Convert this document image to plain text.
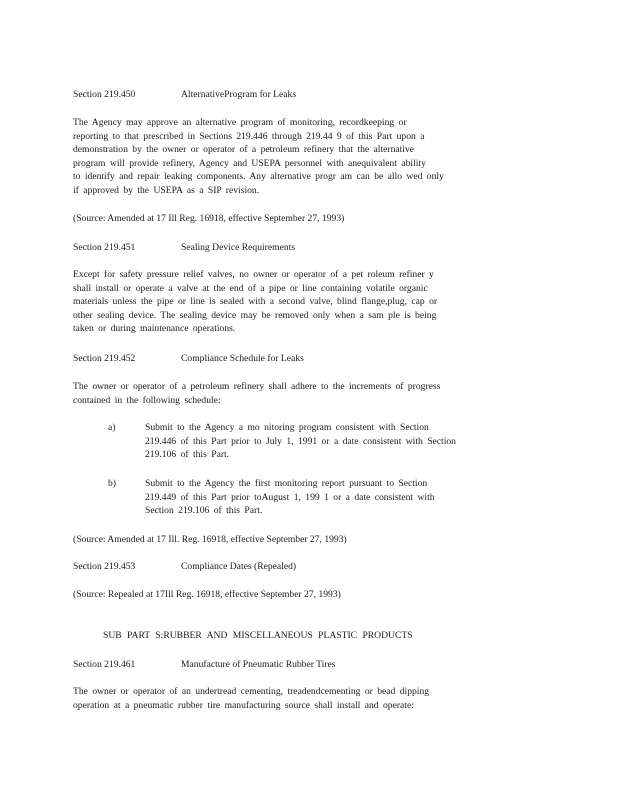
Section 219.450	AlternativeProgram for Leaks

The Agency may approve an alternative program of monitoring, recordkeeping or
reporting to that prescribed in Sections 219.446 through 219.44 9 of this Part upon a
demonstration by the owner or operator of a petroleum refinery that the alternative
program will provide refinery, Agency and USEPA personnel with anequivalent ability
to identify and repair leaking components. Any alternative progr am can be allo wed only
if approved by the USEPA as a SIP revision.

(Source: Amended at 17 Ill Reg. 16918, effective September 27, 1993)

Section 219.451	Sealing Device Requirements

Except for safety pressure relief valves, no owner or operator of a pet roleum refiner y
shall install or operate a valve at the end of a pipe or line containing volatile organic
materials unless the pipe or line is sealed with a second valve, blind flange,plug, cap or
other sealing device. The sealing device may be removed only when a sam ple is being
taken or during maintenance operations.

Section 219.452	Compliance Schedule for Leaks

The owner or operator of a petroleum refinery shall adhere to the increments of progress
contained in the following schedule:

a)	Submit to the Agency a mo nitoring program consistent with Section
219.446 of this Part prior to July 1, 1991 or a date consistent with Section
219.106 of this Part.
b)	Submit to the Agency the first monitoring report pursuant to Section
219.449 of this Part prior toAugust 1, 199 1 or a date consistent with
Section 219.106 of this Part.

(Source: Amended at 17 Ill. Reg. 16918, effective September 27, 1993)

Section 219.453	Compliance Dates (Repealed)

(Source: Repealed at 17Ill Reg. 16918, effective September 27, 1993)

SUB PART S:RUBBER AND MISCELLANEOUS PLASTIC PRODUCTS

Section 219.461	Manufacture of Pneumatic Rubber Tires

The owner or operator of an undertread cementing, treadendcementing or bead dipping
operation at a pneumatic rubber tire manufacturing source shall install and operate:
